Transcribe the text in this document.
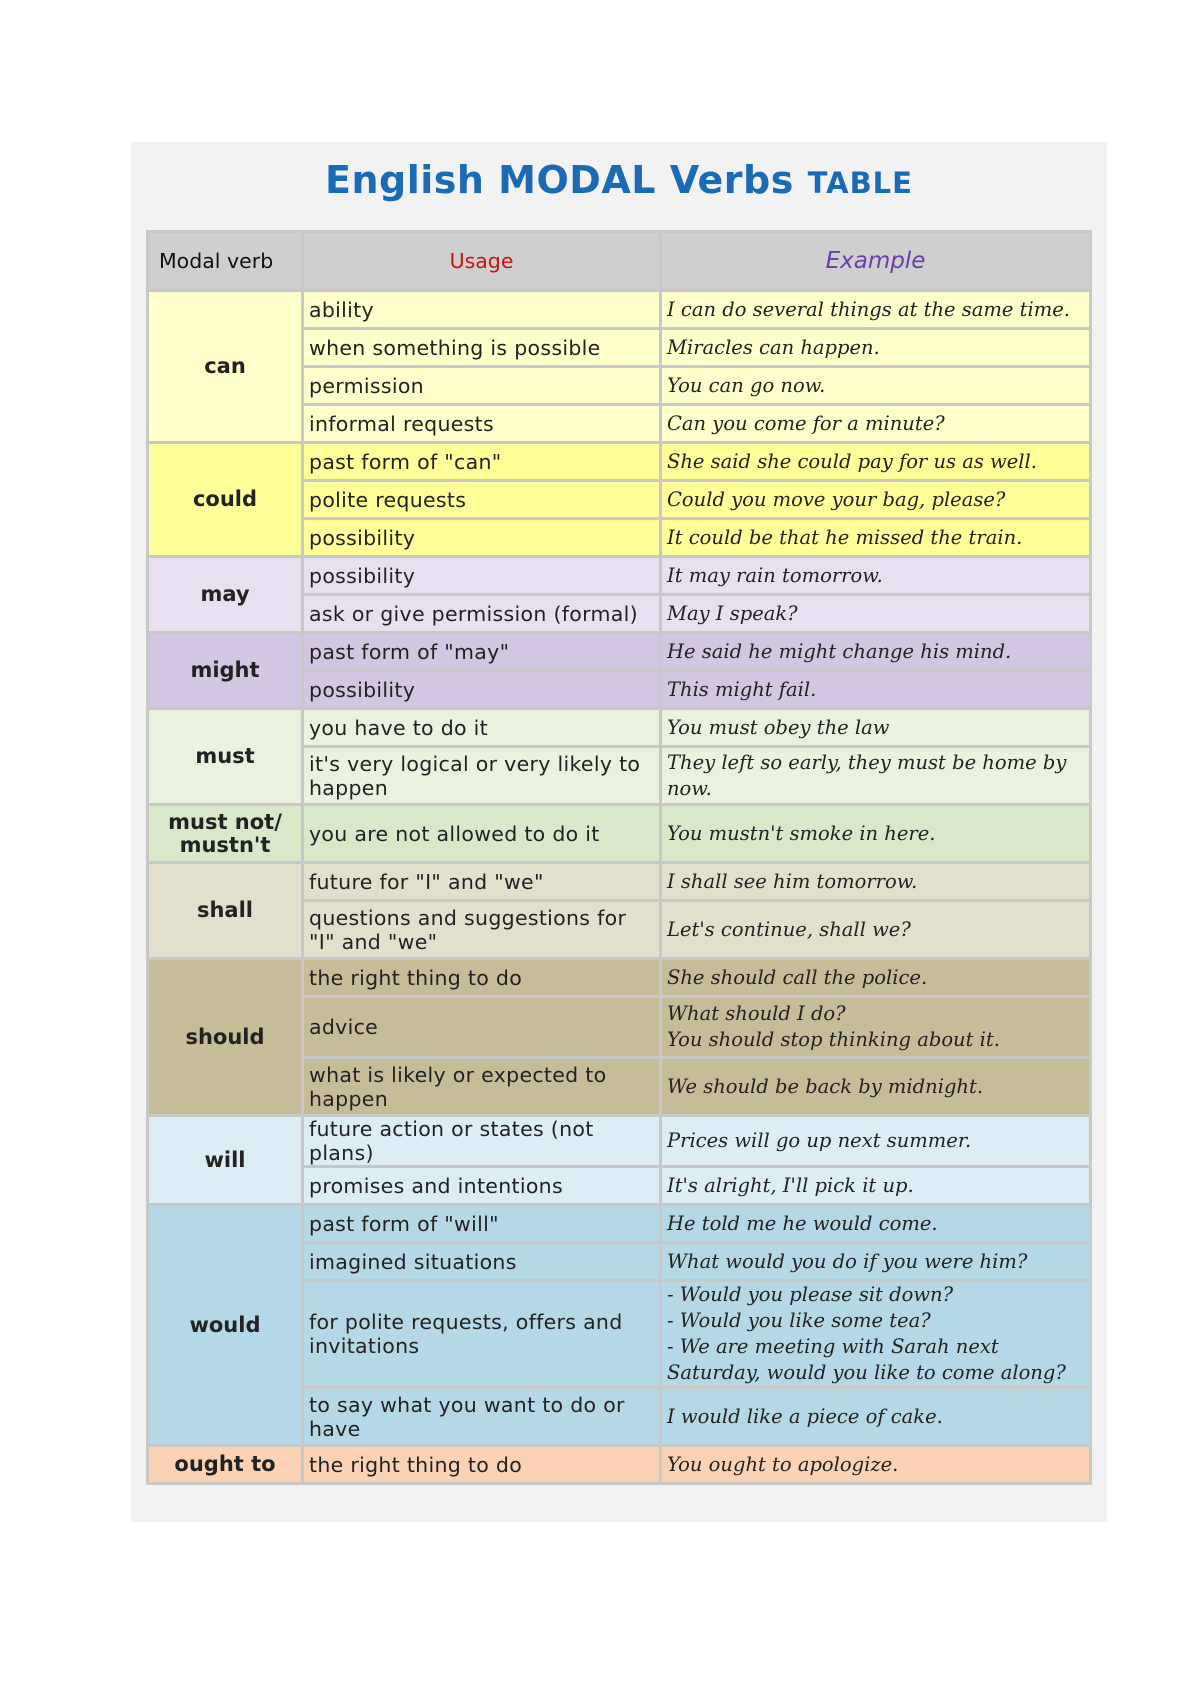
English MODAL Verbs TABLE
Modal verb	Usage	Example
can	ability	I can do several things at the same time.
	when something is possible	Miracles can happen.
	permission	You can go now.
	informal requests	Can you come for a minute?
could	past form of "can"	She said she could pay for us as well.
	polite requests	Could you move your bag, please?
	possibility	It could be that he missed the train.
may	possibility	It may rain tomorrow.
	ask or give permission (formal)	May I speak?
might	past form of "may"	He said he might change his mind.
	possibility	This might fail.
must	you have to do it	You must obey the law
	it's very logical or very likely to happen	They left so early, they must be home by now.
must not/ mustn't	you are not allowed to do it	You mustn't smoke in here.
shall	future for "I" and "we"	I shall see him tomorrow.
	questions and suggestions for "I" and "we"	Let's continue, shall we?
should	the right thing to do	She should call the police.
	advice	What should I do?
You should stop thinking about it.
	what is likely or expected to happen	We should be back by midnight.
will	future action or states (not plans)	Prices will go up next summer.
	promises and intentions	It's alright, I'll pick it up.
would	past form of "will"	He told me he would come.
	imagined situations	What would you do if you were him?
	for polite requests, offers and invitations	- Would you please sit down?
- Would you like some tea?
- We are meeting with Sarah next Saturday, would you like to come along?
	to say what you want to do or have	I would like a piece of cake.
ought to	the right thing to do	You ought to apologize.
